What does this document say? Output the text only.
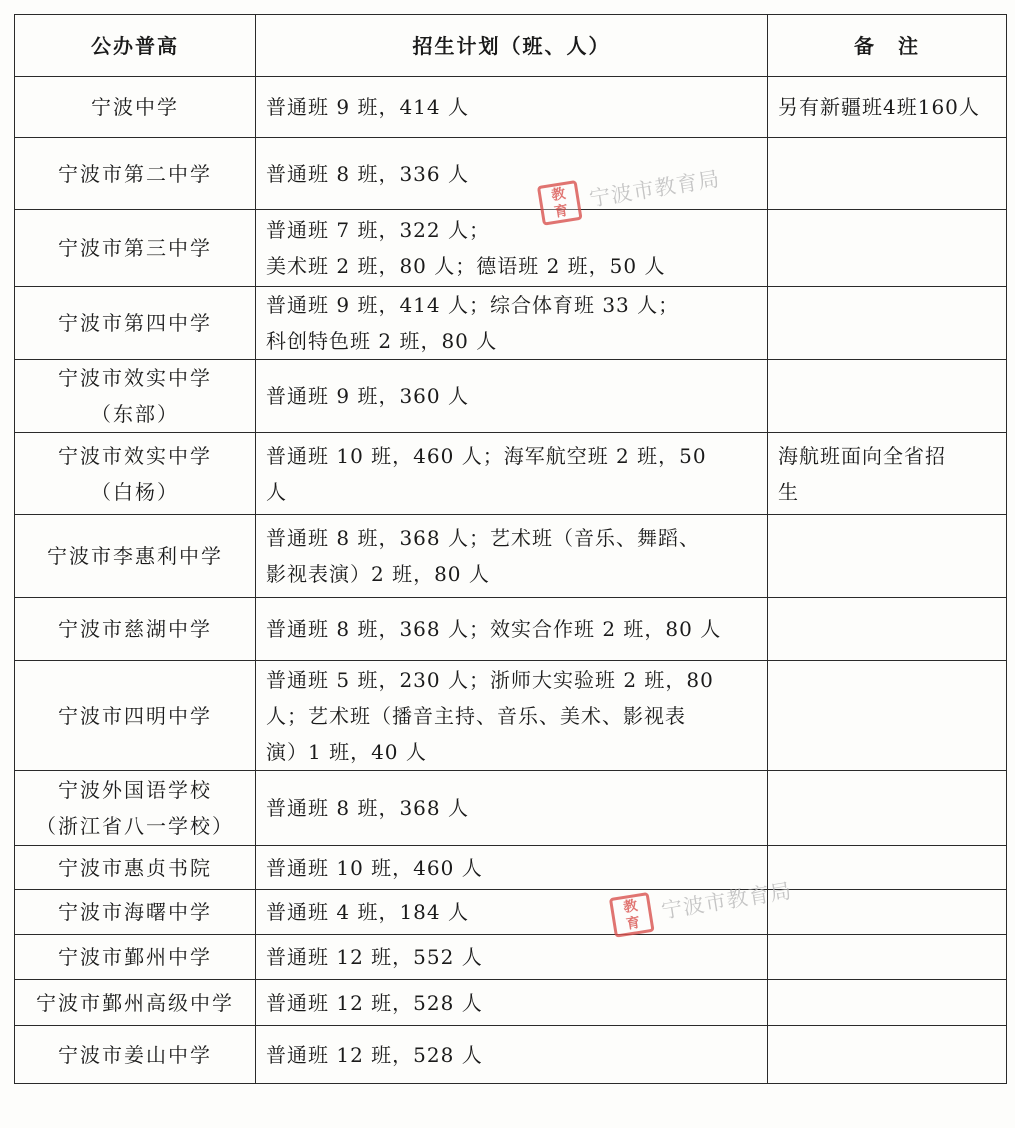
公办普高	招生计划（班、人）	备　注

宁波中学	普通班 9 班，414 人	另有新疆班4班160人

宁波市第二中学	普通班 8 班，336 人	

宁波市第三中学	普通班 7 班，322 人；
美术班 2 班，80 人；德语班 2 班，50 人	

宁波市第四中学	普通班 9 班，414 人；综合体育班 33 人；
科创特色班 2 班，80 人	

宁波市效实中学
（东部）	普通班 9 班，360 人	

宁波市效实中学
（白杨）	普通班 10 班，460 人；海军航空班 2 班，50
人	海航班面向全省招
生

宁波市李惠利中学	普通班 8 班，368 人；艺术班（音乐、舞蹈、
影视表演）2 班，80 人	

宁波市慈湖中学	普通班 8 班，368 人；效实合作班 2 班，80 人	

宁波市四明中学	普通班 5 班，230 人；浙师大实验班 2 班，80
人；艺术班（播音主持、音乐、美术、影视表
演）1 班，40 人	

宁波外国语学校
（浙江省八一学校）	普通班 8 班，368 人	

宁波市惠贞书院	普通班 10 班，460 人	

宁波市海曙中学	普通班 4 班，184 人	

宁波市鄞州中学	普通班 12 班，552 人	

宁波市鄞州高级中学	普通班 12 班，528 人	

宁波市姜山中学	普通班 12 班，528 人	

教
育
宁波市教育局
教
育
宁波市教育局
